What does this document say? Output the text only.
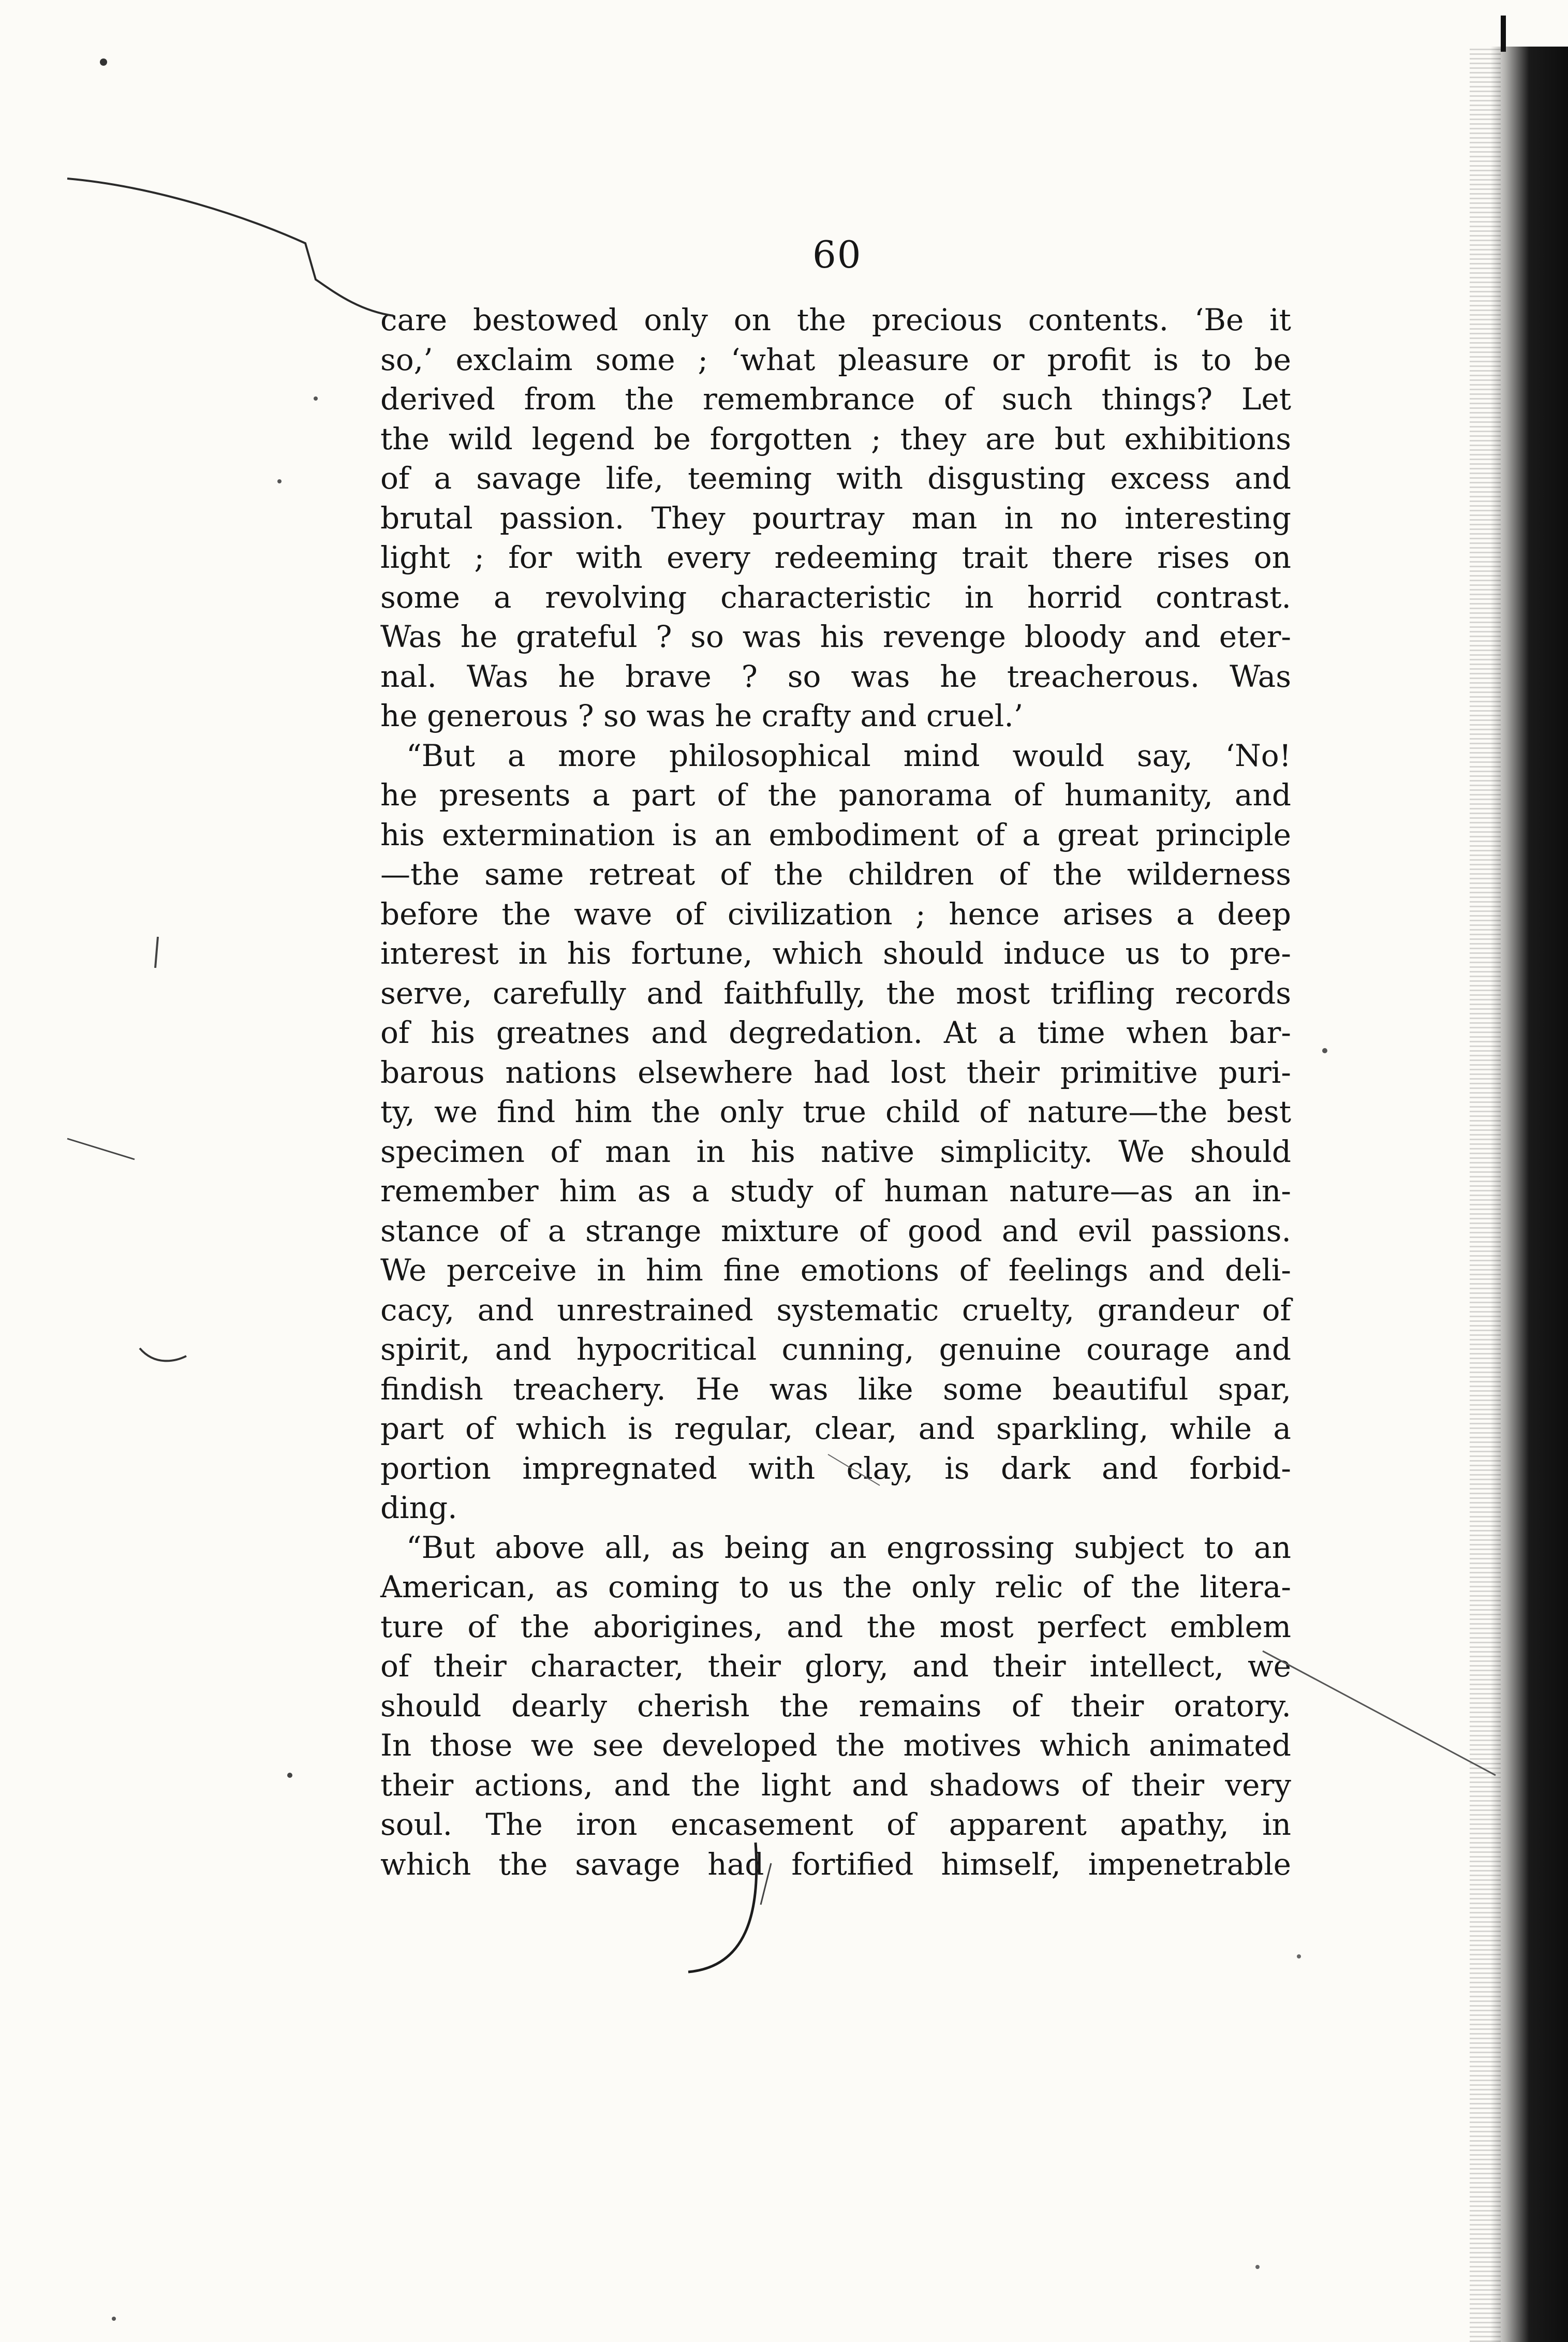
60
care bestowed only on the precious contents. ‘Be it
so,’ exclaim some ; ‘what pleasure or profit is to be
derived from the remembrance of such things? Let
the wild legend be forgotten ; they are but exhibitions
of a savage life, teeming with disgusting excess and
brutal passion. They pourtray man in no interesting
light ; for with every redeeming trait there rises on
some a revolving characteristic in horrid contrast.
Was he grateful ? so was his revenge bloody and eter-
nal. Was he brave ? so was he treacherous. Was
he generous ? so was he crafty and cruel.’
“But a more philosophical mind would say, ‘No!
he presents a part of the panorama of humanity, and
his extermination is an embodiment of a great principle
—the same retreat of the children of the wilderness
before the wave of civilization ; hence arises a deep
interest in his fortune, which should induce us to pre-
serve, carefully and faithfully, the most trifling records
of his greatnes and degredation. At a time when bar-
barous nations elsewhere had lost their primitive puri-
ty, we find him the only true child of nature—the best
specimen of man in his native simplicity. We should
remember him as a study of human nature—as an in-
stance of a strange mixture of good and evil passions.
We perceive in him fine emotions of feelings and deli-
cacy, and unrestrained systematic cruelty, grandeur of
spirit, and hypocritical cunning, genuine courage and
findish treachery. He was like some beautiful spar,
part of which is regular, clear, and sparkling, while a
portion impregnated with clay, is dark and forbid-
ding.
“But above all, as being an engrossing subject to an
American, as coming to us the only relic of the litera-
ture of the aborigines, and the most perfect emblem
of their character, their glory, and their intellect, we
should dearly cherish the remains of their oratory.
In those we see developed the motives which animated
their actions, and the light and shadows of their very
soul. The iron encasement of apparent apathy, in
which the savage had fortified himself, impenetrable
